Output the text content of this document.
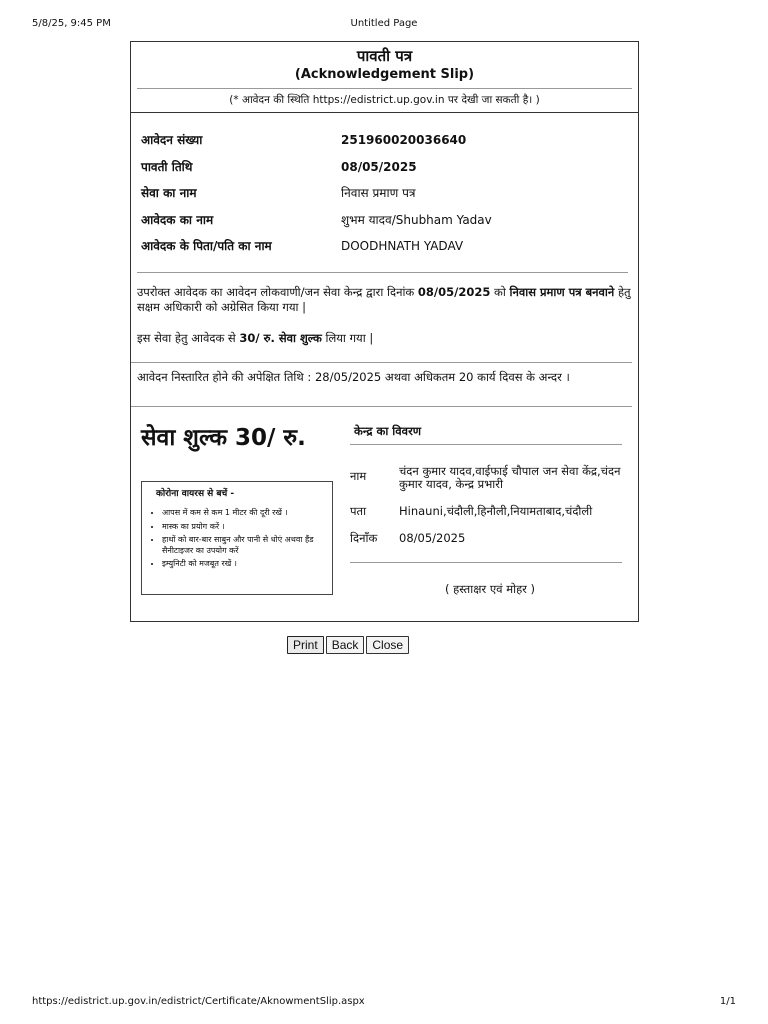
5/8/25, 9:45 PM	Untitled Page
पावती पत्र
(Acknowledgement Slip)
(* आवेदन की स्थिति https://edistrict.up.gov.in पर देखी जा सकती है। )
आवेदन संख्या	251960020036640
पावती तिथि	08/05/2025
सेवा का नाम	निवास प्रमाण पत्र
आवेदक का नाम	शुभम यादव/Shubham Yadav
आवेदक के पिता/पति का नाम	DOODHNATH YADAV
उपरोक्त आवेदक का आवेदन लोकवाणी/जन सेवा केन्द्र द्वारा दिनांक 08/05/2025 को निवास प्रमाण पत्र बनवाने हेतु सक्षम अधिकारी को अग्रेसित किया गया |
इस सेवा हेतु आवेदक से 30/ रु. सेवा शुल्क लिया गया |
आवेदन निस्तारित होने की अपेक्षित तिथि : 28/05/2025 अथवा अधिकतम 20 कार्य दिवस के अन्दर ।
सेवा शुल्क 30/ रु.
कोरोना वायरस से बचें -
• आपस में कम से कम 1 मीटर की दूरी रखें ।
• मास्क का प्रयोग करें ।
• हाथों को बार-बार साबुन और पानी से धोएं अथवा हैंड सैनीटाइजर का उपयोग करें
• इम्युनिटी को मजबूत रखें ।
केन्द्र का विवरण
नाम	चंदन कुमार यादव,वाईफाई चौपाल जन सेवा केंद्र,चंदन कुमार यादव, केन्द्र प्रभारी
पता	Hinauni,चंदौली,हिनौली,नियामताबाद,चंदौली
दिनाँक 08/05/2025
( हस्ताक्षर एवं मोहर )
Print Back Close
https://edistrict.up.gov.in/edistrict/Certificate/AknowmentSlip.aspx	1/1
